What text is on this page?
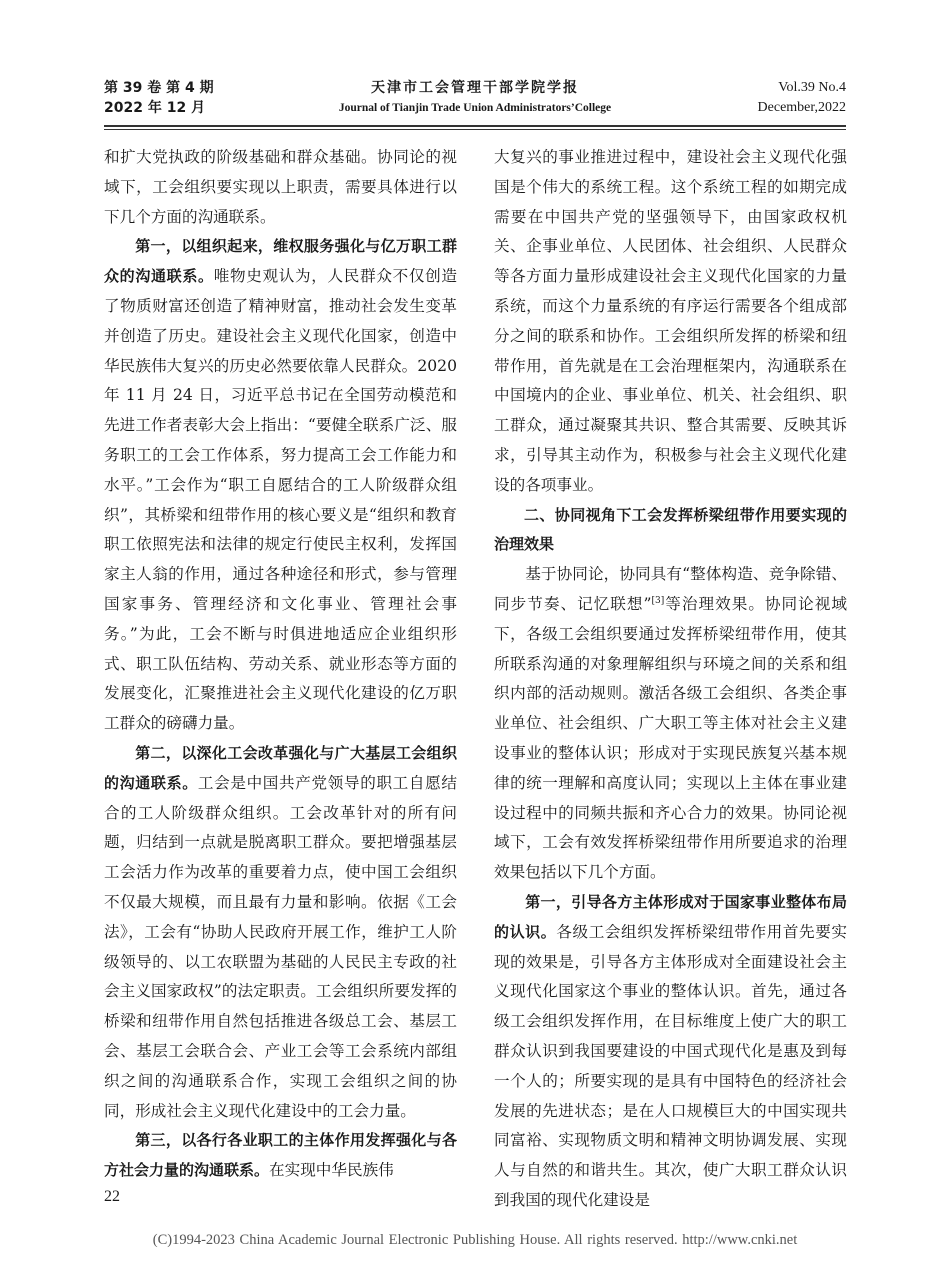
第 39 卷 第 4 期
2022 年 12 月
天津市工会管理干部学院学报
Journal of Tianjin Trade Union Administrators’College
Vol.39 No.4
December,2022

和扩大党执政的阶级基础和群众基础。协同论的视域下，工会组织要实现以上职责，需要具体进行以下几个方面的沟通联系。

第一，以组织起来，维权服务强化与亿万职工群众的沟通联系。唯物史观认为，人民群众不仅创造了物质财富还创造了精神财富，推动社会发生变革并创造了历史。建设社会主义现代化国家，创造中华民族伟大复兴的历史必然要依靠人民群众。2020 年 11 月 24 日，习近平总书记在全国劳动模范和先进工作者表彰大会上指出：“要健全联系广泛、服务职工的工会工作体系，努力提高工会工作能力和水平。”工会作为“职工自愿结合的工人阶级群众组织”，其桥梁和纽带作用的核心要义是“组织和教育职工依照宪法和法律的规定行使民主权利，发挥国家主人翁的作用，通过各种途径和形式，参与管理国家事务、管理经济和文化事业、管理社会事务。”为此，工会不断与时俱进地适应企业组织形式、职工队伍结构、劳动关系、就业形态等方面的发展变化，汇聚推进社会主义现代化建设的亿万职工群众的磅礴力量。

第二，以深化工会改革强化与广大基层工会组织的沟通联系。工会是中国共产党领导的职工自愿结合的工人阶级群众组织。工会改革针对的所有问题，归结到一点就是脱离职工群众。要把增强基层工会活力作为改革的重要着力点，使中国工会组织不仅最大规模，而且最有力量和影响。依据《工会法》，工会有“协助人民政府开展工作，维护工人阶级领导的、以工农联盟为基础的人民民主专政的社会主义国家政权”的法定职责。工会组织所要发挥的桥梁和纽带作用自然包括推进各级总工会、基层工会、基层工会联合会、产业工会等工会系统内部组织之间的沟通联系合作，实现工会组织之间的协同，形成社会主义现代化建设中的工会力量。

第三，以各行各业职工的主体作用发挥强化与各方社会力量的沟通联系。在实现中华民族伟

大复兴的事业推进过程中，建设社会主义现代化强国是个伟大的系统工程。这个系统工程的如期完成需要在中国共产党的坚强领导下，由国家政权机关、企事业单位、人民团体、社会组织、人民群众等各方面力量形成建设社会主义现代化国家的力量系统，而这个力量系统的有序运行需要各个组成部分之间的联系和协作。工会组织所发挥的桥梁和纽带作用，首先就是在工会治理框架内，沟通联系在中国境内的企业、事业单位、机关、社会组织、职工群众，通过凝聚其共识、整合其需要、反映其诉求，引导其主动作为，积极参与社会主义现代化建设的各项事业。

二、协同视角下工会发挥桥梁纽带作用要实现的治理效果

基于协同论，协同具有“整体构造、竞争除错、同步节奏、记忆联想”[3]等治理效果。协同论视域下，各级工会组织要通过发挥桥梁纽带作用，使其所联系沟通的对象理解组织与环境之间的关系和组织内部的活动规则。激活各级工会组织、各类企事业单位、社会组织、广大职工等主体对社会主义建设事业的整体认识；形成对于实现民族复兴基本规律的统一理解和高度认同；实现以上主体在事业建设过程中的同频共振和齐心合力的效果。协同论视域下，工会有效发挥桥梁纽带作用所要追求的治理效果包括以下几个方面。

第一，引导各方主体形成对于国家事业整体布局的认识。各级工会组织发挥桥梁纽带作用首先要实现的效果是，引导各方主体形成对全面建设社会主义现代化国家这个事业的整体认识。首先，通过各级工会组织发挥作用，在目标维度上使广大的职工群众认识到我国要建设的中国式现代化是惠及到每一个人的；所要实现的是具有中国特色的经济社会发展的先进状态；是在人口规模巨大的中国实现共同富裕、实现物质文明和精神文明协调发展、实现人与自然的和谐共生。其次，使广大职工群众认识到我国的现代化建设是

22
(C)1994-2023 China Academic Journal Electronic Publishing House. All rights reserved. http://www.cnki.net
